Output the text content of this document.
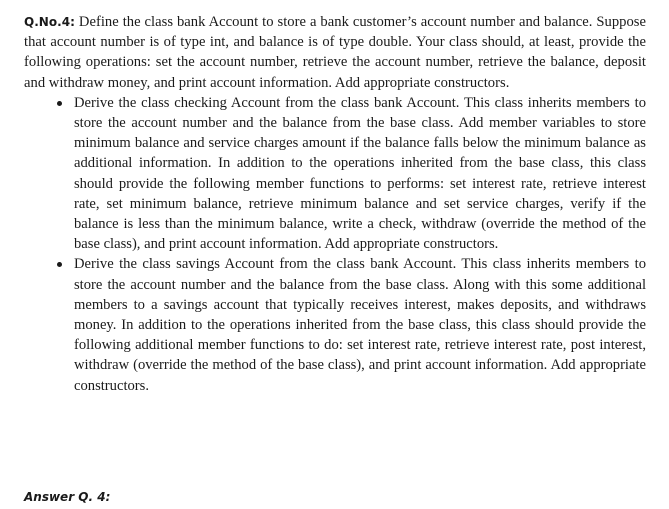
Q.No.4: Define the class bank Account to store a bank customer’s account number and balance. Suppose that account number is of type int, and balance is of type double. Your class should, at least, provide the following operations: set the account number, retrieve the account number, retrieve the balance, deposit and withdraw money, and print account information. Add appropriate constructors.

Derive the class checking Account from the class bank Account. This class inherits members to store the account number and the balance from the base class. Add member variables to store minimum balance and service charges amount if the balance falls below the minimum balance as additional information. In addition to the operations inherited from the base class, this class should provide the following member functions to performs: set interest rate, retrieve interest rate, set minimum balance, retrieve minimum balance and set service charges, verify if the balance is less than the minimum balance, write a check, withdraw (override the method of the base class), and print account information. Add appropriate constructors.
Derive the class savings Account from the class bank Account. This class inherits members to store the account number and the balance from the base class. Along with this some additional members to a savings account that typically receives interest, makes deposits, and withdraws money. In addition to the operations inherited from the base class, this class should provide the following additional member functions to do: set interest rate, retrieve interest rate, post interest, withdraw (override the method of the base class), and print account information. Add appropriate constructors.
Answer Q. 4:
